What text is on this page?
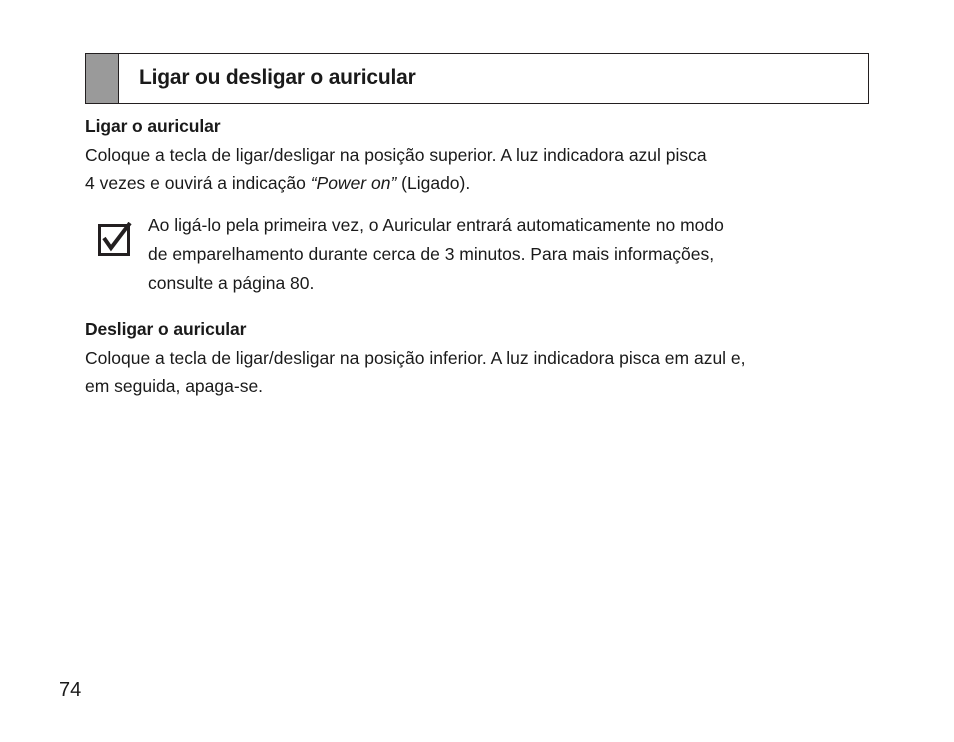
Ligar ou desligar o auricular
Ligar o auricular
Coloque a tecla de ligar/desligar na posição superior. A luz indicadora azul pisca
4 vezes e ouvirá a indicação “Power on” (Ligado).
Ao ligá-lo pela primeira vez, o Auricular entrará automaticamente no modo
de emparelhamento durante cerca de 3 minutos. Para mais informações,
consulte a página 80.
Desligar o auricular
Coloque a tecla de ligar/desligar na posição inferior. A luz indicadora pisca em azul e,
em seguida, apaga-se.
74
